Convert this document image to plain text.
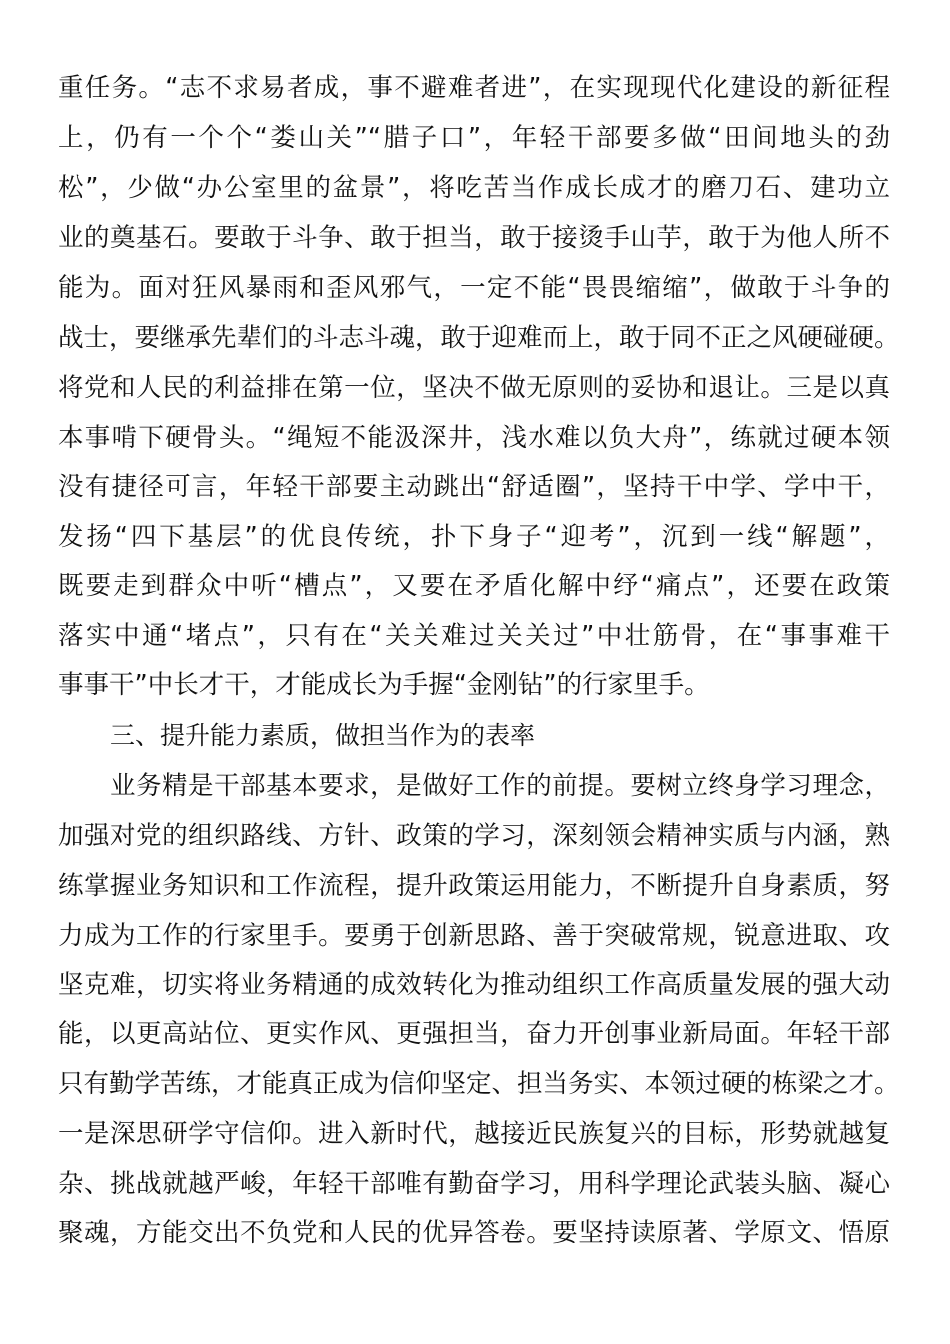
重任务。“志不求易者成，事不避难者进”，在实现现代化建设的新征程
上，仍有一个个“娄山关”“腊子口”，年轻干部要多做“田间地头的劲
松”，少做“办公室里的盆景”，将吃苦当作成长成才的磨刀石、建功立
业的奠基石。要敢于斗争、敢于担当，敢于接烫手山芋，敢于为他人所不
能为。面对狂风暴雨和歪风邪气，一定不能“畏畏缩缩”，做敢于斗争的
战士，要继承先辈们的斗志斗魂，敢于迎难而上，敢于同不正之风硬碰硬。
将党和人民的利益排在第一位，坚决不做无原则的妥协和退让。三是以真
本事啃下硬骨头。“绳短不能汲深井，浅水难以负大舟”，练就过硬本领
没有捷径可言，年轻干部要主动跳出“舒适圈”，坚持干中学、学中干，
发扬“四下基层”的优良传统，扑下身子“迎考”，沉到一线“解题”，
既要走到群众中听“槽点”，又要在矛盾化解中纾“痛点”，还要在政策
落实中通“堵点”，只有在“关关难过关关过”中壮筋骨，在“事事难干
事事干”中长才干，才能成长为手握“金刚钻”的行家里手。
三、提升能力素质，做担当作为的表率
业务精是干部基本要求，是做好工作的前提。要树立终身学习理念，
加强对党的组织路线、方针、政策的学习，深刻领会精神实质与内涵，熟
练掌握业务知识和工作流程，提升政策运用能力，不断提升自身素质，努
力成为工作的行家里手。要勇于创新思路、善于突破常规，锐意进取、攻
坚克难，切实将业务精通的成效转化为推动组织工作高质量发展的强大动
能，以更高站位、更实作风、更强担当，奋力开创事业新局面。年轻干部
只有勤学苦练，才能真正成为信仰坚定、担当务实、本领过硬的栋梁之才。
一是深思研学守信仰。进入新时代，越接近民族复兴的目标，形势就越复
杂、挑战就越严峻，年轻干部唯有勤奋学习，用科学理论武装头脑、凝心
聚魂，方能交出不负党和人民的优异答卷。要坚持读原著、学原文、悟原
